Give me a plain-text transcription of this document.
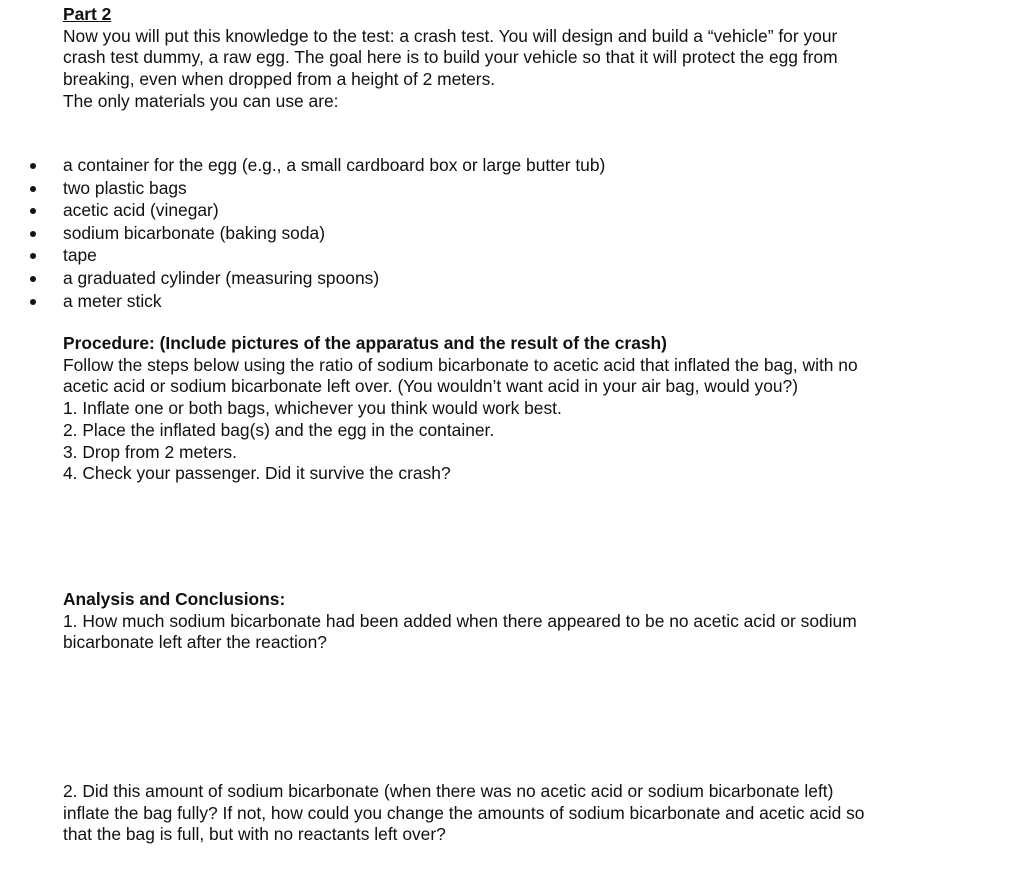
Part 2

Now you will put this knowledge to the test: a crash test. You will design and build a “vehicle” for your

crash test dummy, a raw egg. The goal here is to build your vehicle so that it will protect the egg from

breaking, even when dropped from a height of 2 meters.

The only materials you can use are:

a container for the egg (e.g., a small cardboard box or large butter tub)
two plastic bags
acetic acid (vinegar)
sodium bicarbonate (baking soda)
tape
a graduated cylinder (measuring spoons)
a meter stick

Procedure: (Include pictures of the apparatus and the result of the crash)

Follow the steps below using the ratio of sodium bicarbonate to acetic acid that inflated the bag, with no

acetic acid or sodium bicarbonate left over. (You wouldn’t want acid in your air bag, would you?)

1. Inflate one or both bags, whichever you think would work best.

2. Place the inflated bag(s) and the egg in the container.

3. Drop from 2 meters.

4. Check your passenger. Did it survive the crash?

Analysis and Conclusions:

1. How much sodium bicarbonate had been added when there appeared to be no acetic acid or sodium

bicarbonate left after the reaction?

2. Did this amount of sodium bicarbonate (when there was no acetic acid or sodium bicarbonate left)

inflate the bag fully? If not, how could you change the amounts of sodium bicarbonate and acetic acid so

that the bag is full, but with no reactants left over?
